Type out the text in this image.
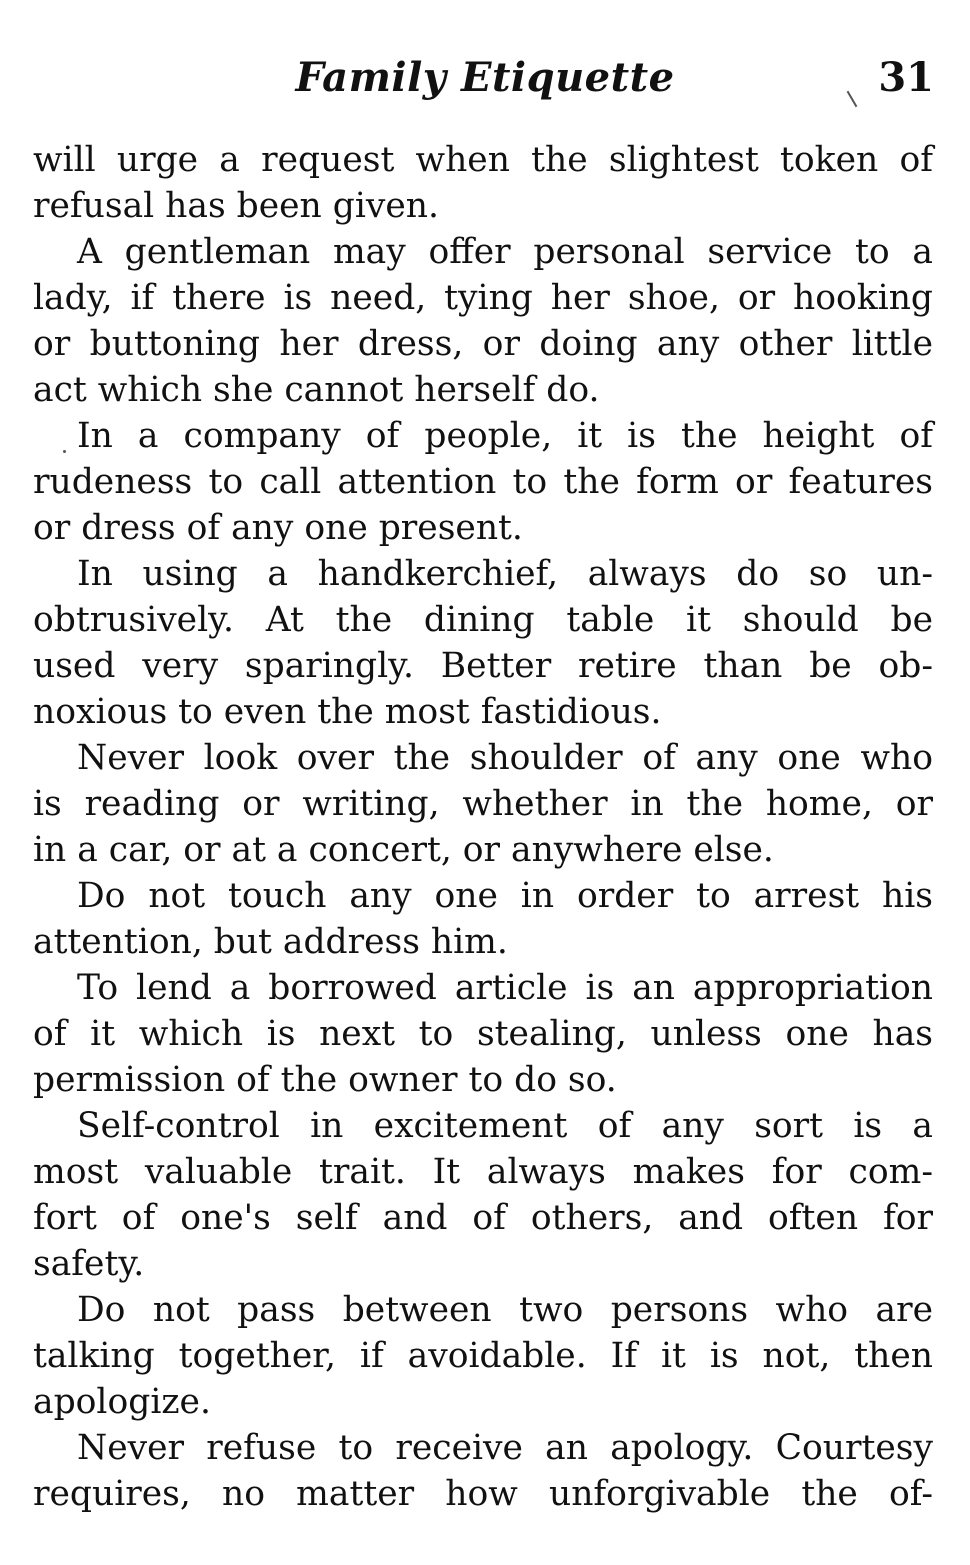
Family Etiquette	31
will urge a request when the slightest token of
refusal has been given.
A gentleman may offer personal service to a
lady, if there is need, tying her shoe, or hooking
or buttoning her dress, or doing any other little
act which she cannot herself do.
In a company of people, it is the height of
rudeness to call attention to the form or features
or dress of any one present.
In using a handkerchief, always do so un-
obtrusively. At the dining table it should be
used very sparingly. Better retire than be ob-
noxious to even the most fastidious.
Never look over the shoulder of any one who
is reading or writing, whether in the home, or
in a car, or at a concert, or anywhere else.
Do not touch any one in order to arrest his
attention, but address him.
To lend a borrowed article is an appropriation
of it which is next to stealing, unless one has
permission of the owner to do so.
Self-control in excitement of any sort is a
most valuable trait. It always makes for com-
fort of one's self and of others, and often for
safety.
Do not pass between two persons who are
talking together, if avoidable. If it is not, then
apologize.
Never refuse to receive an apology. Courtesy
requires, no matter how unforgivable the of-
